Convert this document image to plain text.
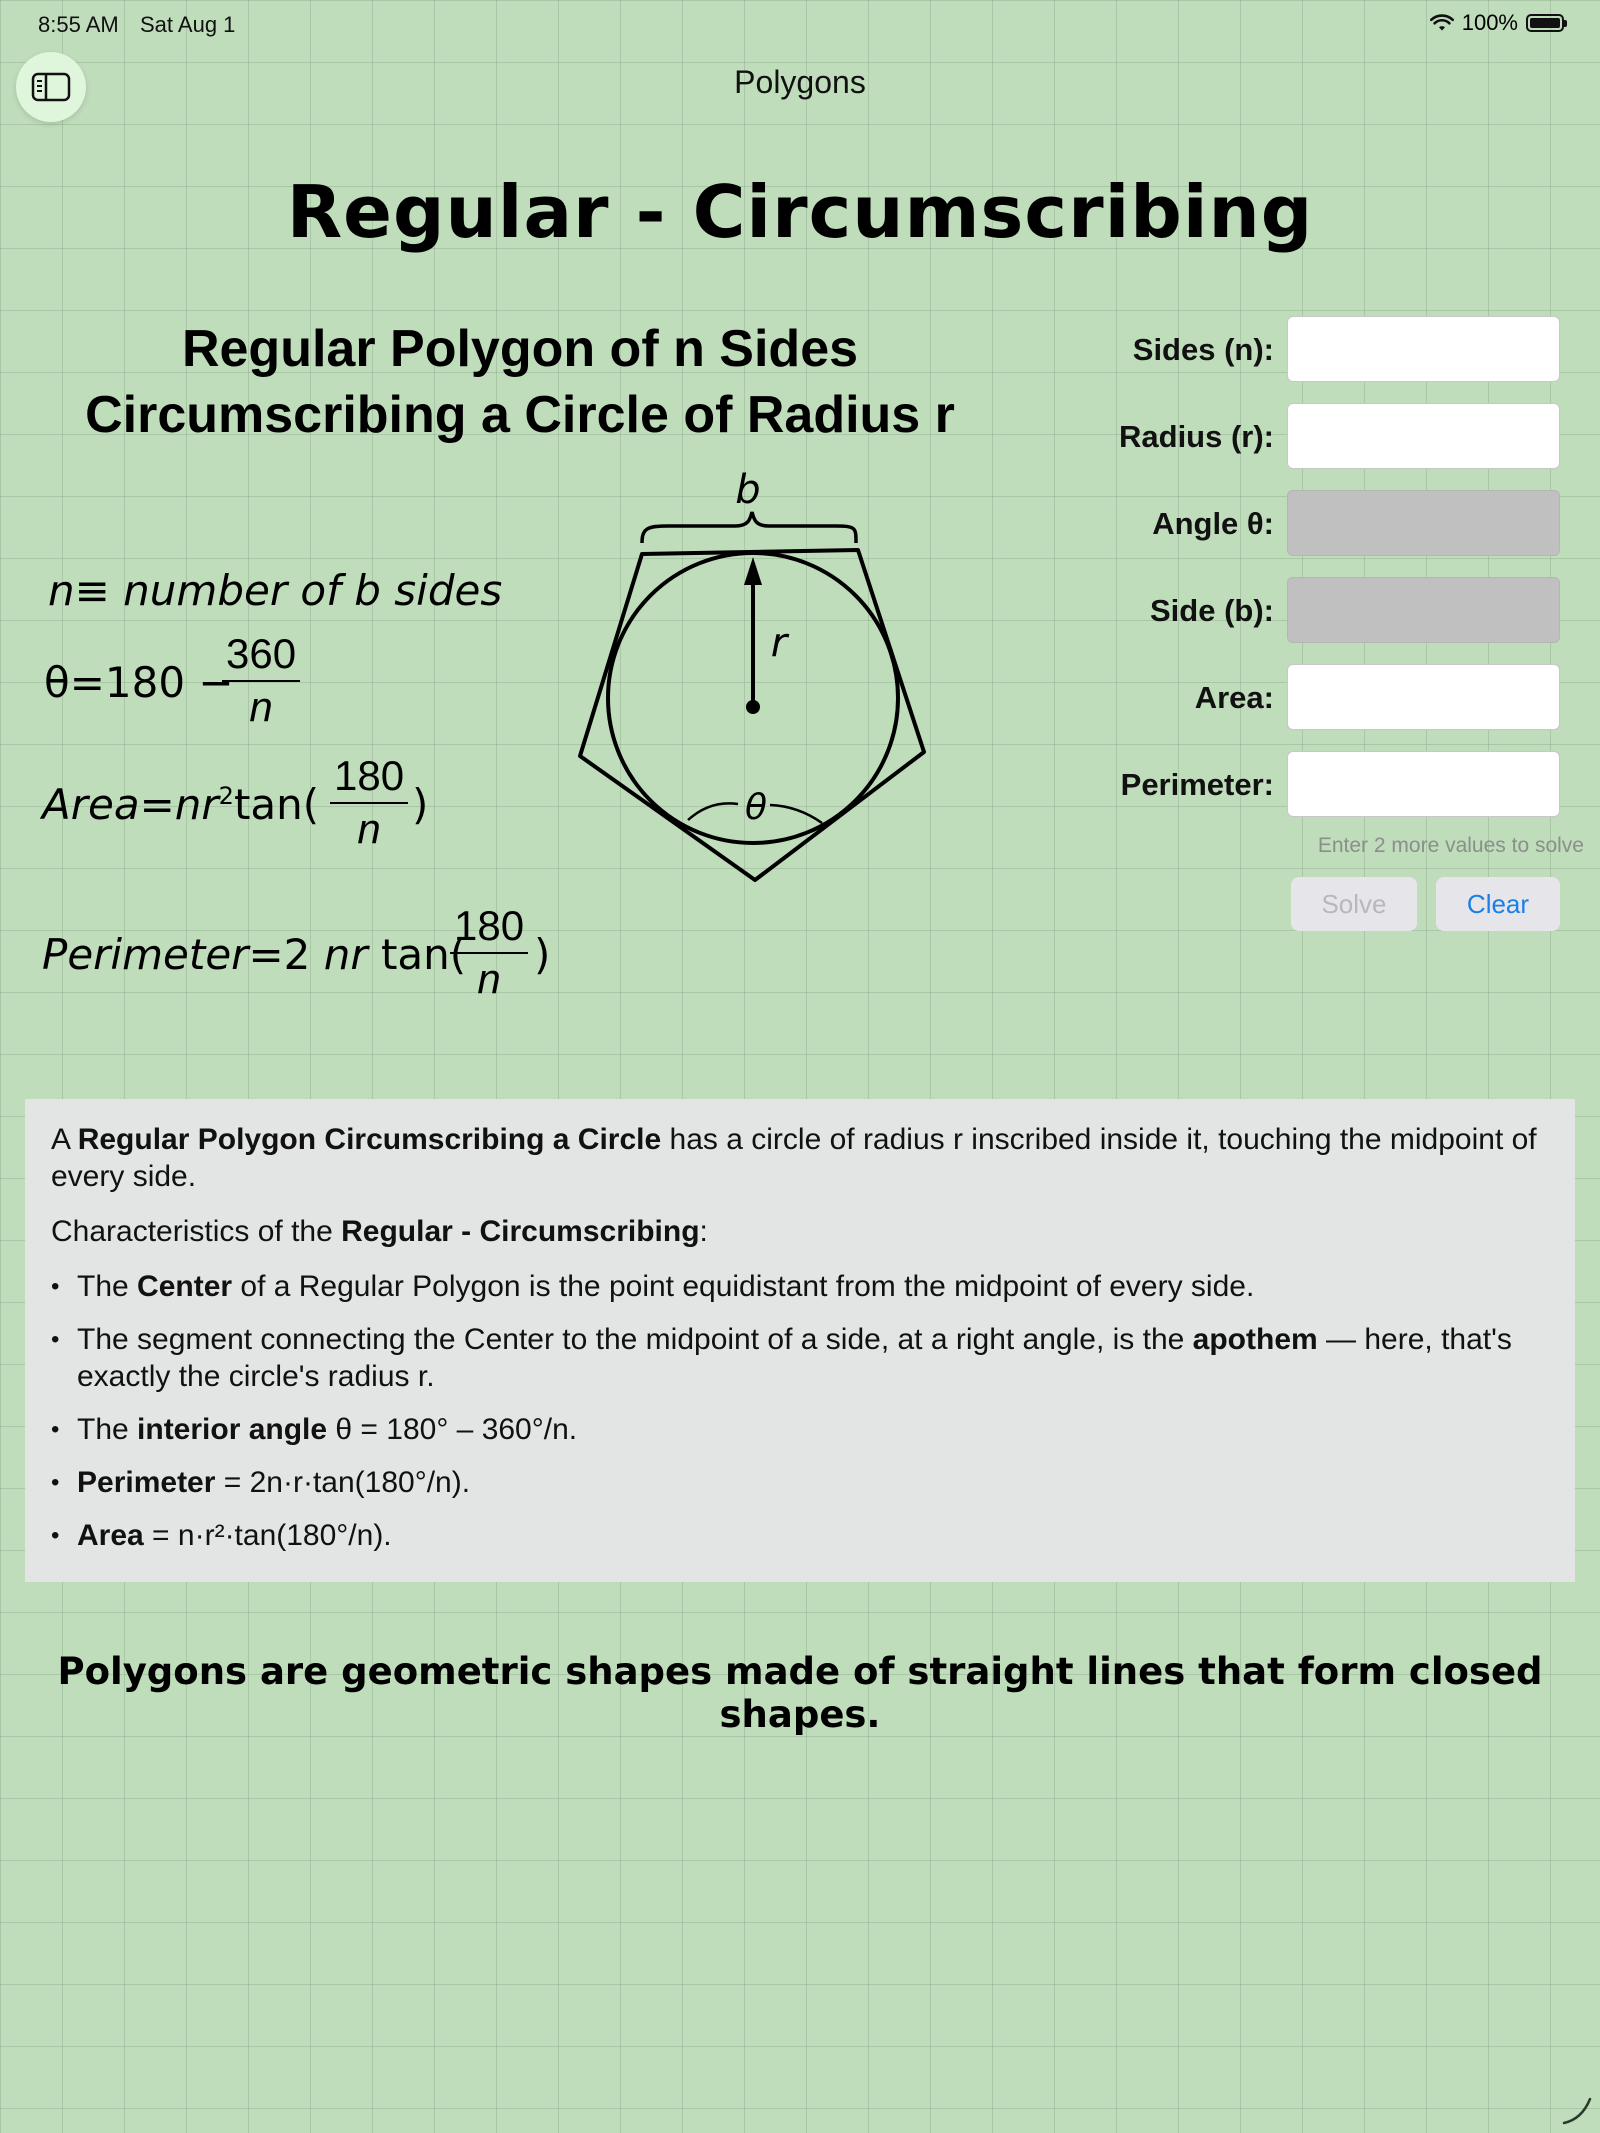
8:55 AM Sat Aug 1	100%
Polygons
Regular - Circumscribing
Regular Polygon of n Sides
Circumscribing a Circle of Radius r
n≡ number of b sides
θ=180 −
$\frac{360}{n}$
$Area=nr^2\tan( \frac{180}{n}$ )
Perimeter=2 nr tan(
$\frac{180}{n}$ )
b
r
θ
Sides (n):
Radius (r):
Angle θ:
Side (b):
Area:
Perimeter:
Enter 2 more values to solve
Solve	Clear

A Regular Polygon Circumscribing a Circle has a circle of radius r inscribed inside it, touching the midpoint of every side.

Characteristics of the Regular - Circumscribing:

• The Center of a Regular Polygon is the point equidistant from the midpoint of every side.
• The segment connecting the Center to the midpoint of a side, at a right angle, is the apothem — here, that's exactly the circle's radius r.
• The interior angle θ = 180° – 360°/n.
• Perimeter = 2n·r·tan(180°/n).
• Area = n·r²·tan(180°/n).
Polygons are geometric shapes made of straight lines that form closed shapes.
